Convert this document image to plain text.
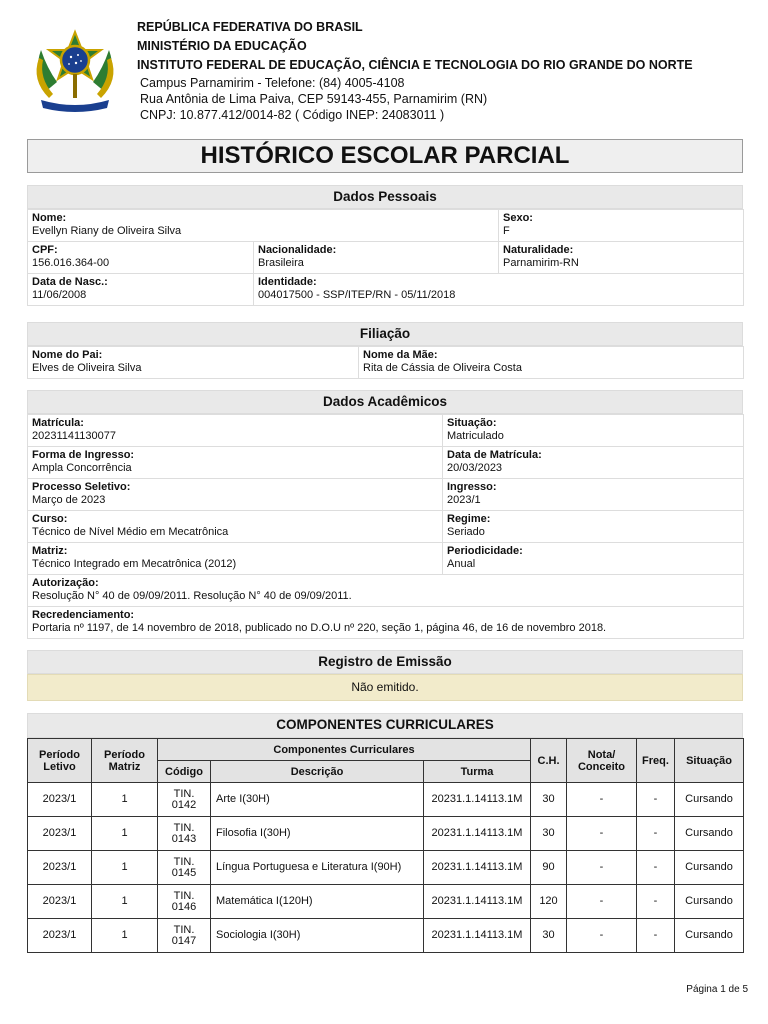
REPÚBLICA FEDERATIVA DO BRASIL
MINISTÉRIO DA EDUCAÇÃO
INSTITUTO FEDERAL DE EDUCAÇÃO, CIÊNCIA E TECNOLOGIA DO RIO GRANDE DO NORTE
Campus Parnamirim - Telefone: (84) 4005-4108
Rua Antônia de Lima Paiva, CEP 59143-455, Parnamirim (RN)
CNPJ: 10.877.412/0014-82 ( Código INEP: 24083011 )
HISTÓRICO ESCOLAR PARCIAL
Dados Pessoais
Nome:
Evellyn Riany de Oliveira Silva		Sexo:
F

CPF:
156.016.364-00	Nacionalidade:
Brasileira	Naturalidade:
Parnamirim-RN

Data de Nasc.:
11/06/2008	Identidade:
004017500 - SSP/ITEP/RN - 05/11/2018	
Filiação
Nome do Pai:
Elves de Oliveira Silva

Nome da Mãe:
Rita de Cássia de Oliveira Costa
Dados Acadêmicos
Matrícula:
20231141130077	Situação:
Matriculado

Forma de Ingresso:
Ampla Concorrência	Data de Matrícula:
20/03/2023

Processo Seletivo:
Março de 2023	Ingresso:
2023/1

Curso:
Técnico de Nível Médio em Mecatrônica	Regime:
Seriado

Matriz:
Técnico Integrado em Mecatrônica (2012)	Periodicidade:
Anual

Autorização:
Resolução N° 40 de 09/09/2011. Resolução N° 40 de 09/09/2011.	

Recredenciamento:
Portaria nº 1197, de 14 novembro de 2018, publicado no D.O.U nº 220, seção 1, página 46, de 16 de novembro 2018.	
Registro de Emissão
Não emitido.
COMPONENTES CURRICULARES
Período Letivo	Período Matriz	Componentes Curriculares			C.H.	Nota/ Conceito	Freq.	Situação
		Código	Descrição	Turma				
2023/1	1	TIN. 0142	Arte I(30H)	20231.1.14113.1M	30	-	-	Cursando
2023/1	1	TIN. 0143	Filosofia I(30H)	20231.1.14113.1M	30	-	-	Cursando
2023/1	1	TIN. 0145	Língua Portuguesa e Literatura I(90H)	20231.1.14113.1M	90	-	-	Cursando
2023/1	1	TIN. 0146	Matemática I(120H)	20231.1.14113.1M	120	-	-	Cursando
2023/1	1	TIN. 0147	Sociologia I(30H)	20231.1.14113.1M	30	-	-	Cursando
Página 1 de 5
